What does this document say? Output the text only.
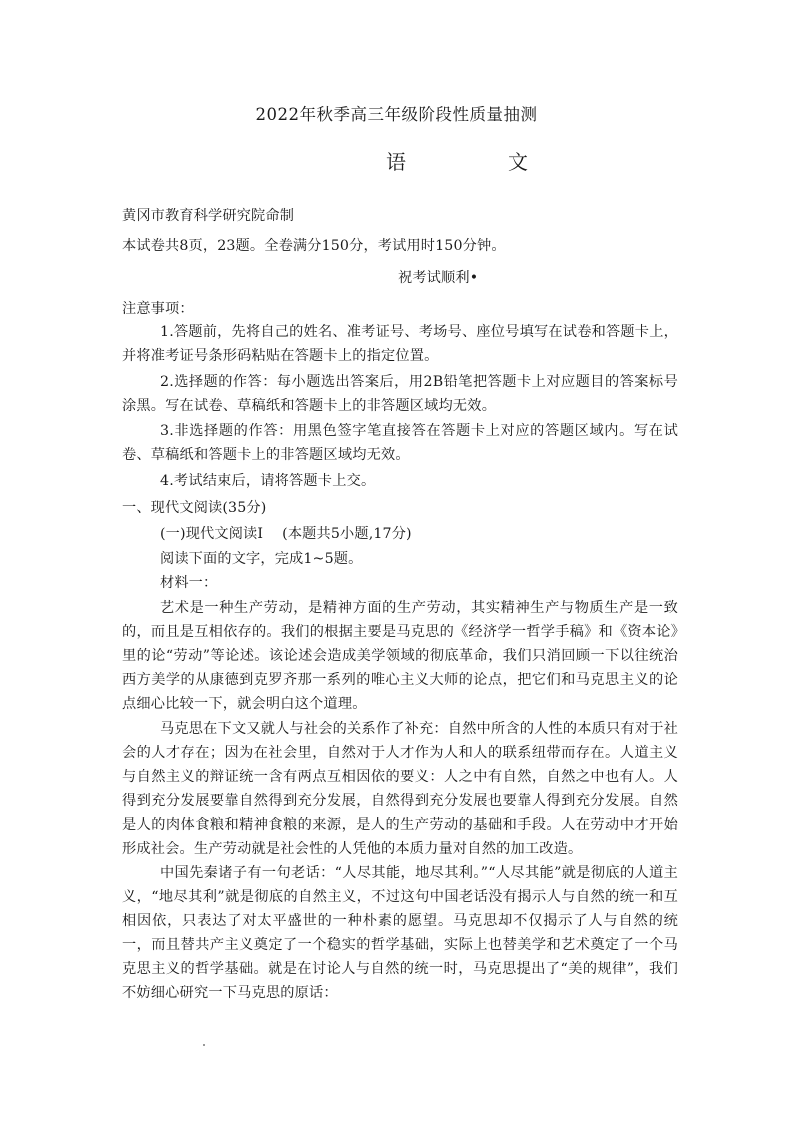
2022年秋季高三年级阶段性质量抽测
语	文
黄冈市教育科学研究院命制
本试卷共8页，23题。全卷满分150分，考试用时150分钟。
祝考试顺利•
注意事项：
1.答题前，先将自己的姓名、准考证号、考场号、座位号填写在试卷和答题卡上，并将准考证号条形码粘贴在答题卡上的指定位置。
2.选择题的作答：每小题选出答案后，用2B铅笔把答题卡上对应题目的答案标号涂黑。写在试卷、草稿纸和答题卡上的非答题区域均无效。
3.非选择题的作答：用黑色签字笔直接答在答题卡上对应的答题区域内。写在试卷、草稿纸和答题卡上的非答题区域均无效。
4.考试结束后，请将答题卡上交。
一、现代文阅读(35分)
(一)现代文阅读Ⅰ　 (本题共5小题,17分)
阅读下面的文字，完成1~5题。
材料一：
艺术是一种生产劳动，是精神方面的生产劳动，其实精神生产与物质生产是一致的，而且是互相依存的。我们的根据主要是马克思的《经济学一哲学手稿》和《资本论》里的论“劳动”等论述。该论述会造成美学领域的彻底革命，我们只消回顾一下以往统治西方美学的从康德到克罗齐那一系列的唯心主义大师的论点，把它们和马克思主义的论点细心比较一下，就会明白这个道理。
马克思在下文又就人与社会的关系作了补充：自然中所含的人性的本质只有对于社会的人才存在；因为在社会里，自然对于人才作为人和人的联系纽带而存在。人道主义与自然主义的辩证统一含有两点互相因依的要义：人之中有自然，自然之中也有人。人得到充分发展要靠自然得到充分发展，自然得到充分发展也要靠人得到充分发展。自然是人的肉体食粮和精神食粮的来源，是人的生产劳动的基础和手段。人在劳动中才开始形成社会。生产劳动就是社会性的人凭他的本质力量对自然的加工改造。
中国先秦诸子有一句老话：“人尽其能，地尽其利。”“人尽其能”就是彻底的人道主义，“地尽其利”就是彻底的自然主义，不过这句中国老话没有揭示人与自然的统一和互相因依，只表达了对太平盛世的一种朴素的愿望。马克思却不仅揭示了人与自然的统一，而且替共产主义奠定了一个稳实的哲学基础，实际上也替美学和艺术奠定了一个马克思主义的哲学基础。就是在讨论人与自然的统一时，马克思提出了“美的规律”，我们不妨细心研究一下马克思的原话：
